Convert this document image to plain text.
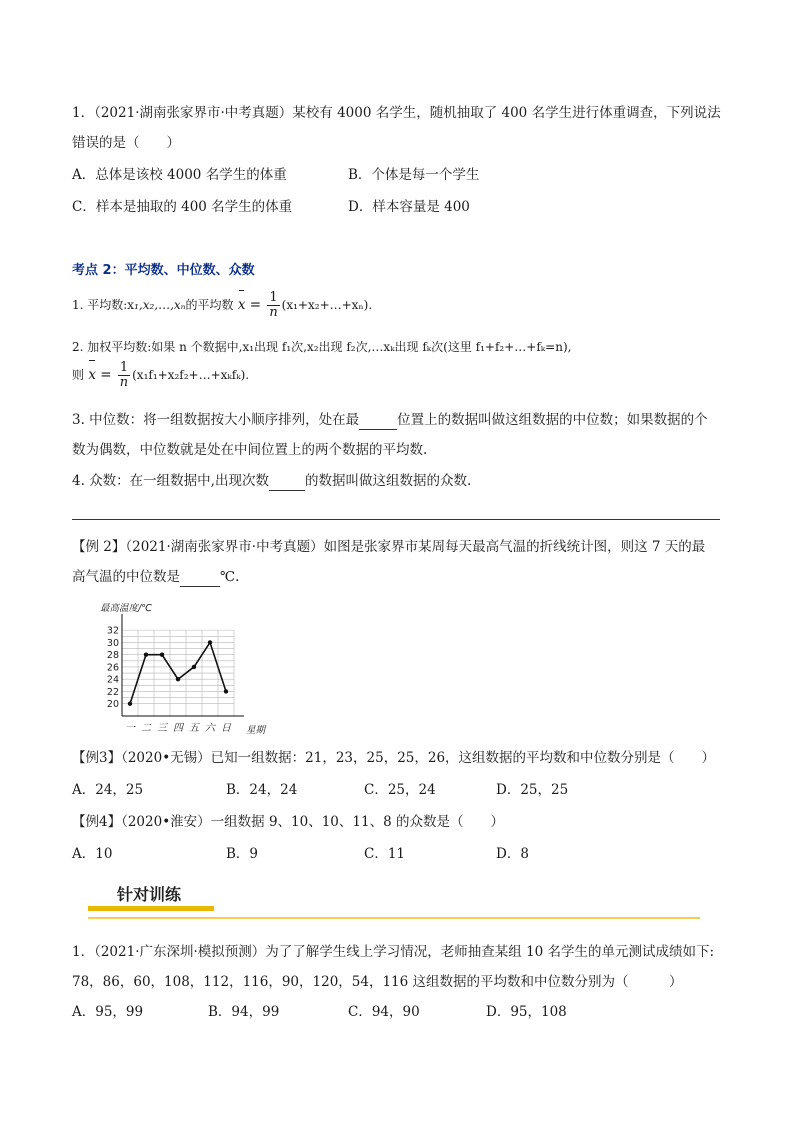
1．（2021·湖南张家界市·中考真题）某校有 4000 名学生，随机抽取了 400 名学生进行体重调查，下列说法
错误的是（　　）
A．总体是该校 4000 名学生的体重	B．个体是每一个学生
C．样本是抽取的 400 名学生的体重	D．样本容量是 400
考点 2：平均数、中位数、众数
1. 平均数:x₁,x₂,…,xₙ的平均数 $x = \frac{1}{n}$ (x₁+x₂+…+xₙ).
2. 加权平均数:如果 n 个数据中,x₁出现 f₁次,x₂出现 f₂次,…xₖ出现 fₖ次(这里 f₁+f₂+…+fₖ=n),
则 $x = \frac{1}{n}$ (x₁f₁+x₂f₂+…+xₖfₖ).
3. 中位数：将一组数据按大小顺序排列，处在最	位置上的数据叫做这组数据的中位数；如果数据的个
数为偶数，中位数就是处在中间位置上的两个数据的平均数.
4. 众数：在一组数据中,出现次数	的数据叫做这组数据的众数.
【例 2】（2021·湖南张家界市·中考真题）如图是张家界市某周每天最高气温的折线统计图，则这 7 天的最
高气温的中位数是	℃.
最高温度/℃
20
22
24
26
28
30
32
一 二 三 四 五 六 日 星期
【例3】（2020•无锡）已知一组数据：21，23，25，25，26，这组数据的平均数和中位数分别是（　　）
A．24，25	B．24，24	C．25，24	D．25，25
【例4】（2020•淮安）一组数据 9、10、10、11、8 的众数是（　　）
A．10	B．9	C．11	D．8
针对训练
1．（2021·广东深圳·模拟预测）为了了解学生线上学习情况，老师抽查某组 10 名学生的单元测试成绩如下:
78，86，60，108，112，116，90，120，54，116 这组数据的平均数和中位数分别为（　　　）
A．95，99	B．94，99	C．94，90	D．95，108
